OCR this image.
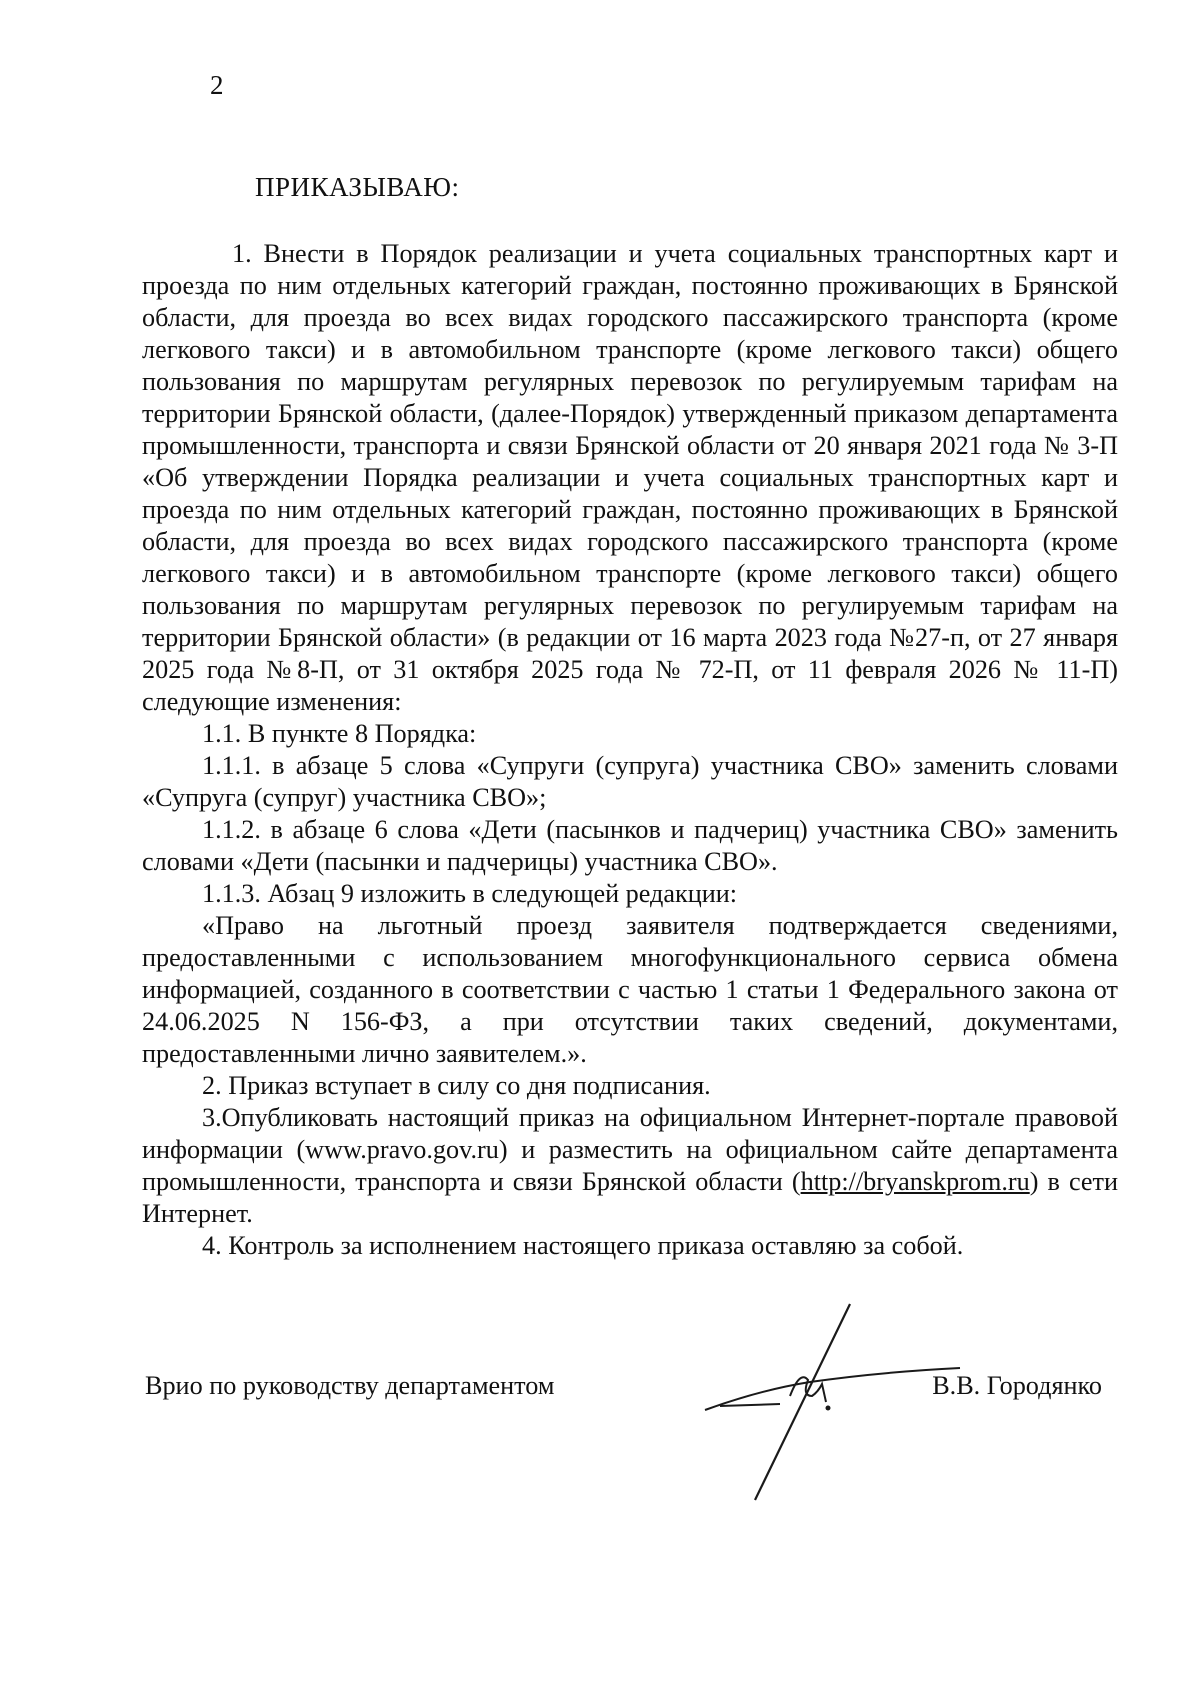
2
ПРИКАЗЫВАЮ:

1. Внести в Порядок реализации и учета социальных транспортных карт и проезда по ним отдельных категорий граждан, постоянно проживающих в Брянской области, для проезда во всех видах городского пассажирского транспорта (кроме легкового такси) и в автомобильном транспорте (кроме легкового такси) общего пользования по маршрутам регулярных перевозок по регулируемым тарифам на территории Брянской области, (далее-Порядок) утвержденный приказом департамента промышленности, транспорта и связи Брянской области от 20 января 2021 года № 3-П «Об утверждении Порядка реализации и учета социальных транспортных карт и проезда по ним отдельных категорий граждан, постоянно проживающих в Брянской области, для проезда во всех видах городского пассажирского транспорта (кроме легкового такси) и в автомобильном транспорте (кроме легкового такси) общего пользования по маршрутам регулярных перевозок по регулируемым тарифам на территории Брянской области» (в редакции от 16 марта 2023 года №27-п, от 27 января 2025 года №8-П, от 31 октября 2025 года № 72-П, от 11 февраля 2026 № 11-П) следующие изменения:

1.1. В пункте 8 Порядка:

1.1.1. в абзаце 5 слова «Супруги (супруга) участника СВО» заменить словами «Супруга (супруг) участника СВО»;

1.1.2. в абзаце 6 слова «Дети (пасынков и падчериц) участника СВО» заменить словами «Дети (пасынки и падчерицы) участника СВО».

1.1.3. Абзац 9 изложить в следующей редакции:

«Право на льготный проезд заявителя подтверждается сведениями, предоставленными с использованием многофункционального сервиса обмена информацией, созданного в соответствии с частью 1 статьи 1 Федерального закона от 24.06.2025 N 156-ФЗ, а при отсутствии таких сведений, документами, предоставленными лично заявителем.».

2. Приказ вступает в силу со дня подписания.

3.Опубликовать настоящий приказ на официальном Интернет-портале правовой информации (www.pravo.gov.ru) и разместить на официальном сайте департамента промышленности, транспорта и связи Брянской области (http://bryanskprom.ru) в сети Интернет.

4. Контроль за исполнением настоящего приказа оставляю за собой.

Врио по руководству департаментом	В.В. Городянко
